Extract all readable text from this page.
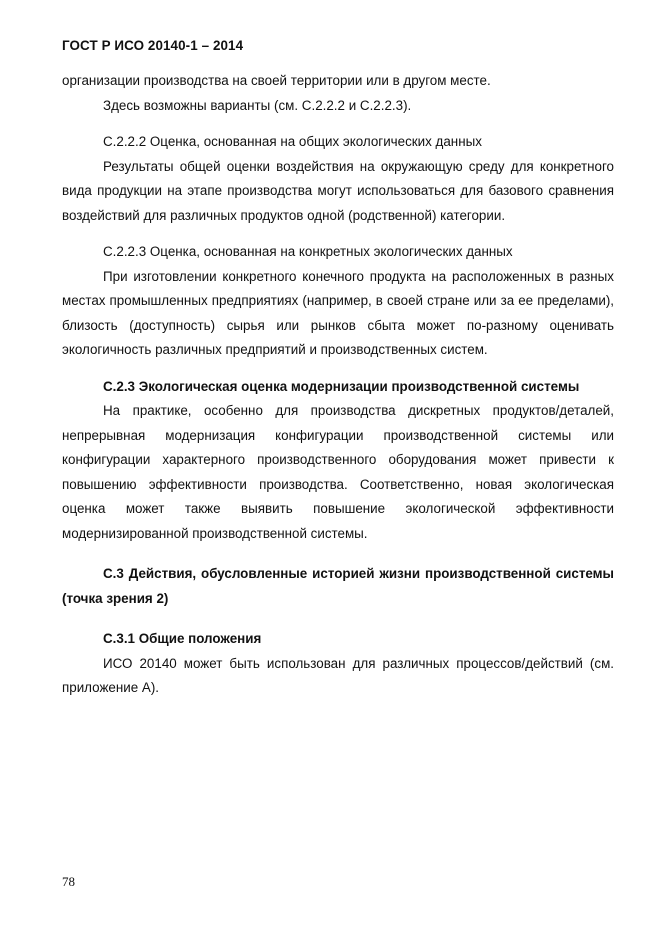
ГОСТ Р ИСО 20140-1 – 2014

организации производства на своей территории или в другом месте.

Здесь возможны варианты (см. C.2.2.2 и C.2.2.3).

C.2.2.2 Оценка, основанная на общих экологических данных

Результаты общей оценки воздействия на окружающую среду для конкретного вида продукции на этапе производства могут использоваться для базового сравнения воздействий для различных продуктов одной (родственной) категории.

C.2.2.3 Оценка, основанная на конкретных экологических данных

При изготовлении конкретного конечного продукта на расположенных в разных местах промышленных предприятиях (например, в своей стране или за ее пределами), близость (доступность) сырья или рынков сбыта может по-разному оценивать экологичность различных предприятий и производственных систем.

C.2.3 Экологическая оценка модернизации производственной системы

На практике, особенно для производства дискретных продуктов/деталей, непрерывная модернизация конфигурации производственной системы или конфигурации характерного производственного оборудования может привести к повышению эффективности производства. Соответственно, новая экологическая оценка может также выявить повышение экологической эффективности модернизированной производственной системы.

C.3 Действия, обусловленные историей жизни производственной системы (точка зрения 2)

C.3.1 Общие положения

ИСО 20140 может быть использован для различных процессов/действий (см. приложение A).

78
